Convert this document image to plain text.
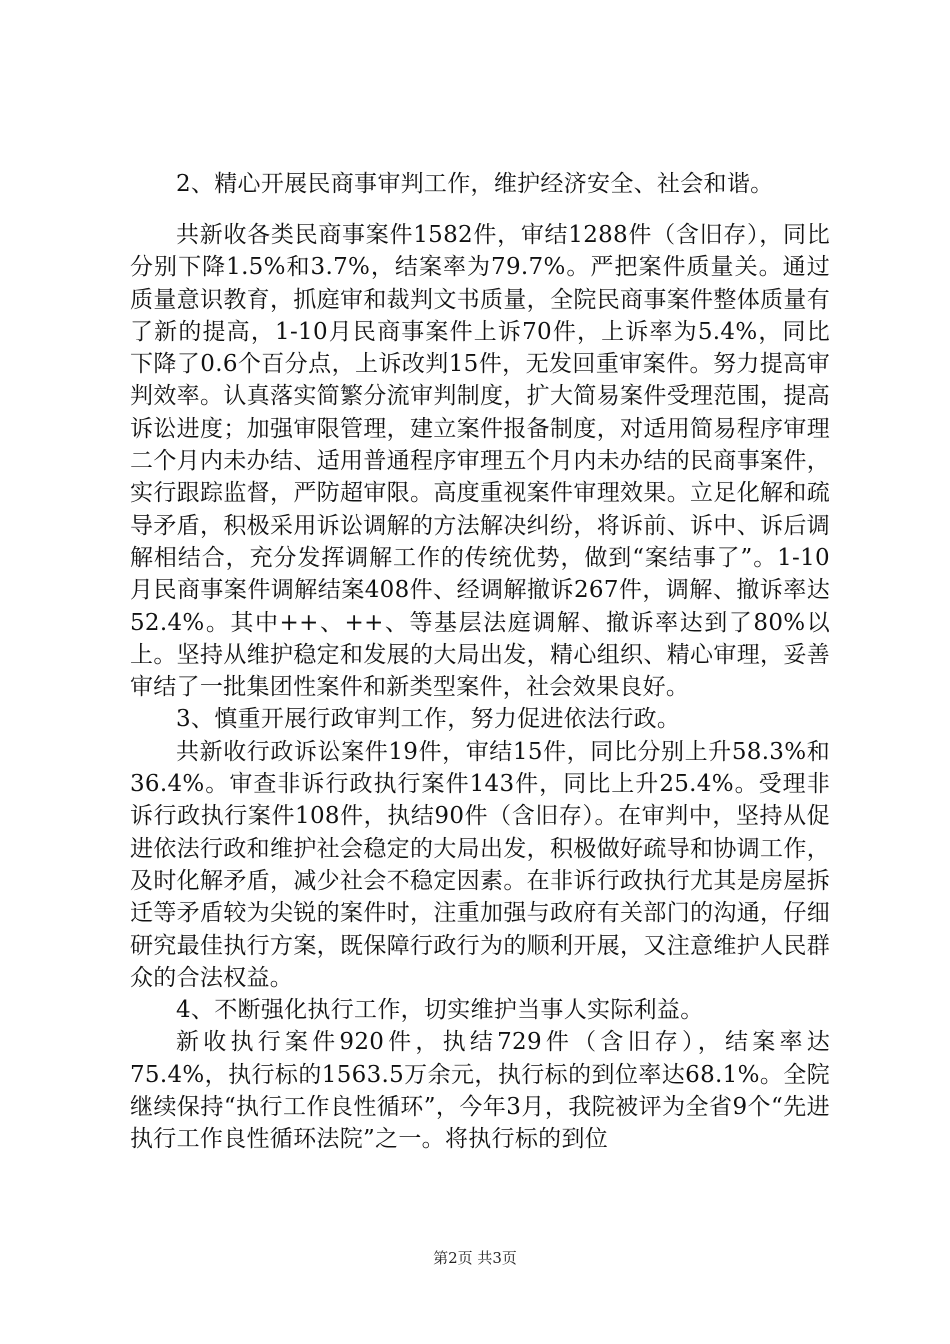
2、精心开展民商事审判工作，维护经济安全、社会和谐。

共新收各类民商事案件1582件，审结1288件（含旧存），同比分别下降1.5%和3.7%，结案率为79.7%。严把案件质量关。通过质量意识教育，抓庭审和裁判文书质量，全院民商事案件整体质量有了新的提高，1-10月民商事案件上诉70件，上诉率为5.4%，同比下降了0.6个百分点，上诉改判15件，无发回重审案件。努力提高审判效率。认真落实简繁分流审判制度，扩大简易案件受理范围，提高诉讼进度；加强审限管理，建立案件报备制度，对适用简易程序审理二个月内未办结、适用普通程序审理五个月内未办结的民商事案件，实行跟踪监督，严防超审限。高度重视案件审理效果。立足化解和疏导矛盾，积极采用诉讼调解的方法解决纠纷，将诉前、诉中、诉后调解相结合，充分发挥调解工作的传统优势，做到“案结事了”。1-10月民商事案件调解结案408件、经调解撤诉267件，调解、撤诉率达52.4%。其中++、++、等基层法庭调解、撤诉率达到了80%以上。坚持从维护稳定和发展的大局出发，精心组织、精心审理，妥善审结了一批集团性案件和新类型案件，社会效果良好。

3、慎重开展行政审判工作，努力促进依法行政。

共新收行政诉讼案件19件，审结15件，同比分别上升58.3%和36.4%。审查非诉行政执行案件143件，同比上升25.4%。受理非诉行政执行案件108件，执结90件（含旧存）。在审判中，坚持从促进依法行政和维护社会稳定的大局出发，积极做好疏导和协调工作，及时化解矛盾，减少社会不稳定因素。在非诉行政执行尤其是房屋拆迁等矛盾较为尖锐的案件时，注重加强与政府有关部门的沟通，仔细研究最佳执行方案，既保障行政行为的顺利开展，又注意维护人民群众的合法权益。

4、不断强化执行工作，切实维护当事人实际利益。

新收执行案件920件，执结729件（含旧存），结案率达75.4%，执行标的1563.5万余元，执行标的到位率达68.1%。全院继续保持“执行工作良性循环”，今年3月，我院被评为全省9个“先进执行工作良性循环法院”之一。将执行标的到位

第2页 共3页
